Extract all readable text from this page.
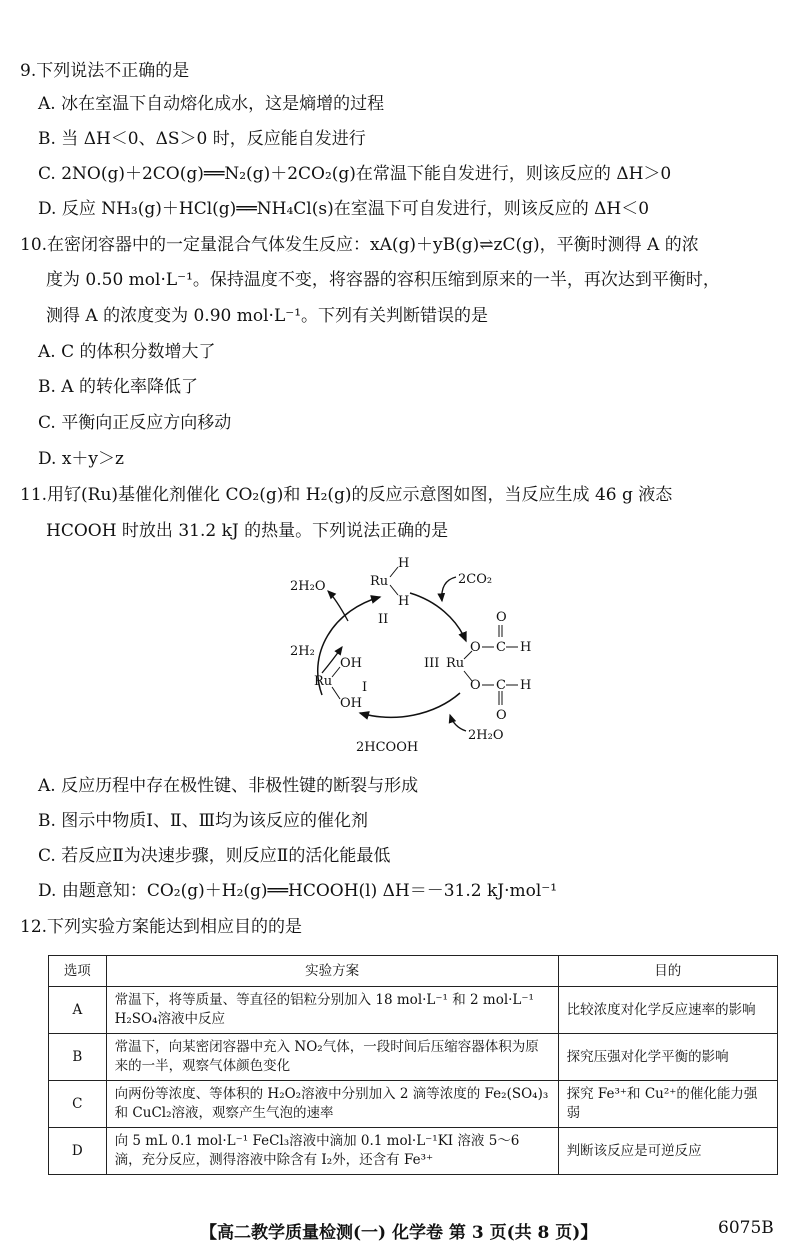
9.下列说法不正确的是
A. 冰在室温下自动熔化成水，这是熵增的过程
B. 当 ΔH＜0、ΔS＞0 时，反应能自发进行
C. 2NO(g)＋2CO(g)══N₂(g)＋2CO₂(g)在常温下能自发进行，则该反应的 ΔH＞0
D. 反应 NH₃(g)＋HCl(g)══NH₄Cl(s)在室温下可自发进行，则该反应的 ΔH＜0
10.在密闭容器中的一定量混合气体发生反应：xA(g)＋yB(g)⇌zC(g)，平衡时测得 A 的浓
度为 0.50 mol·L⁻¹。保持温度不变，将容器的容积压缩到原来的一半，再次达到平衡时，
测得 A 的浓度变为 0.90 mol·L⁻¹。下列有关判断错误的是
A. C 的体积分数增大了
B. A 的转化率降低了
C. 平衡向正反应方向移动
D. x＋y＞z
11.用钌(Ru)基催化剂催化 CO₂(g)和 H₂(g)的反应示意图如图，当反应生成 46 g 液态
HCOOH 时放出 31.2 kJ 的热量。下列说法正确的是
2H₂O	2CO₂
2H₂
2HCOOH
2H₂O
Ru
H
H
II
Ru
OH
OH
I
III Ru
O C H
O
O C H
O
A. 反应历程中存在极性键、非极性键的断裂与形成
B. 图示中物质Ⅰ、Ⅱ、Ⅲ均为该反应的催化剂
C. 若反应Ⅱ为决速步骤，则反应Ⅱ的活化能最低
D. 由题意知：CO₂(g)＋H₂(g)══HCOOH(l) ΔH＝－31.2 kJ·mol⁻¹
12.下列实验方案能达到相应目的的是
选项	实验方案	目的
A	常温下，将等质量、等直径的铝粒分别加入 18 mol·L⁻¹ 和 2 mol·L⁻¹ H₂SO₄溶液中反应	比较浓度对化学反应速率的影响
B	常温下，向某密闭容器中充入 NO₂气体，一段时间后压缩容器体积为原来的一半，观察气体颜色变化	探究压强对化学平衡的影响
C	向两份等浓度、等体积的 H₂O₂溶液中分别加入 2 滴等浓度的 Fe₂(SO₄)₃和 CuCl₂溶液，观察产生气泡的速率	探究 Fe³⁺和 Cu²⁺的催化能力强弱
D	向 5 mL 0.1 mol·L⁻¹ FeCl₃溶液中滴加 0.1 mol·L⁻¹KI 溶液 5～6 滴，充分反应，测得溶液中除含有 I₂外，还含有 Fe³⁺	判断该反应是可逆反应
【高二教学质量检测(一) 化学卷 第 3 页(共 8 页)】	6075B
